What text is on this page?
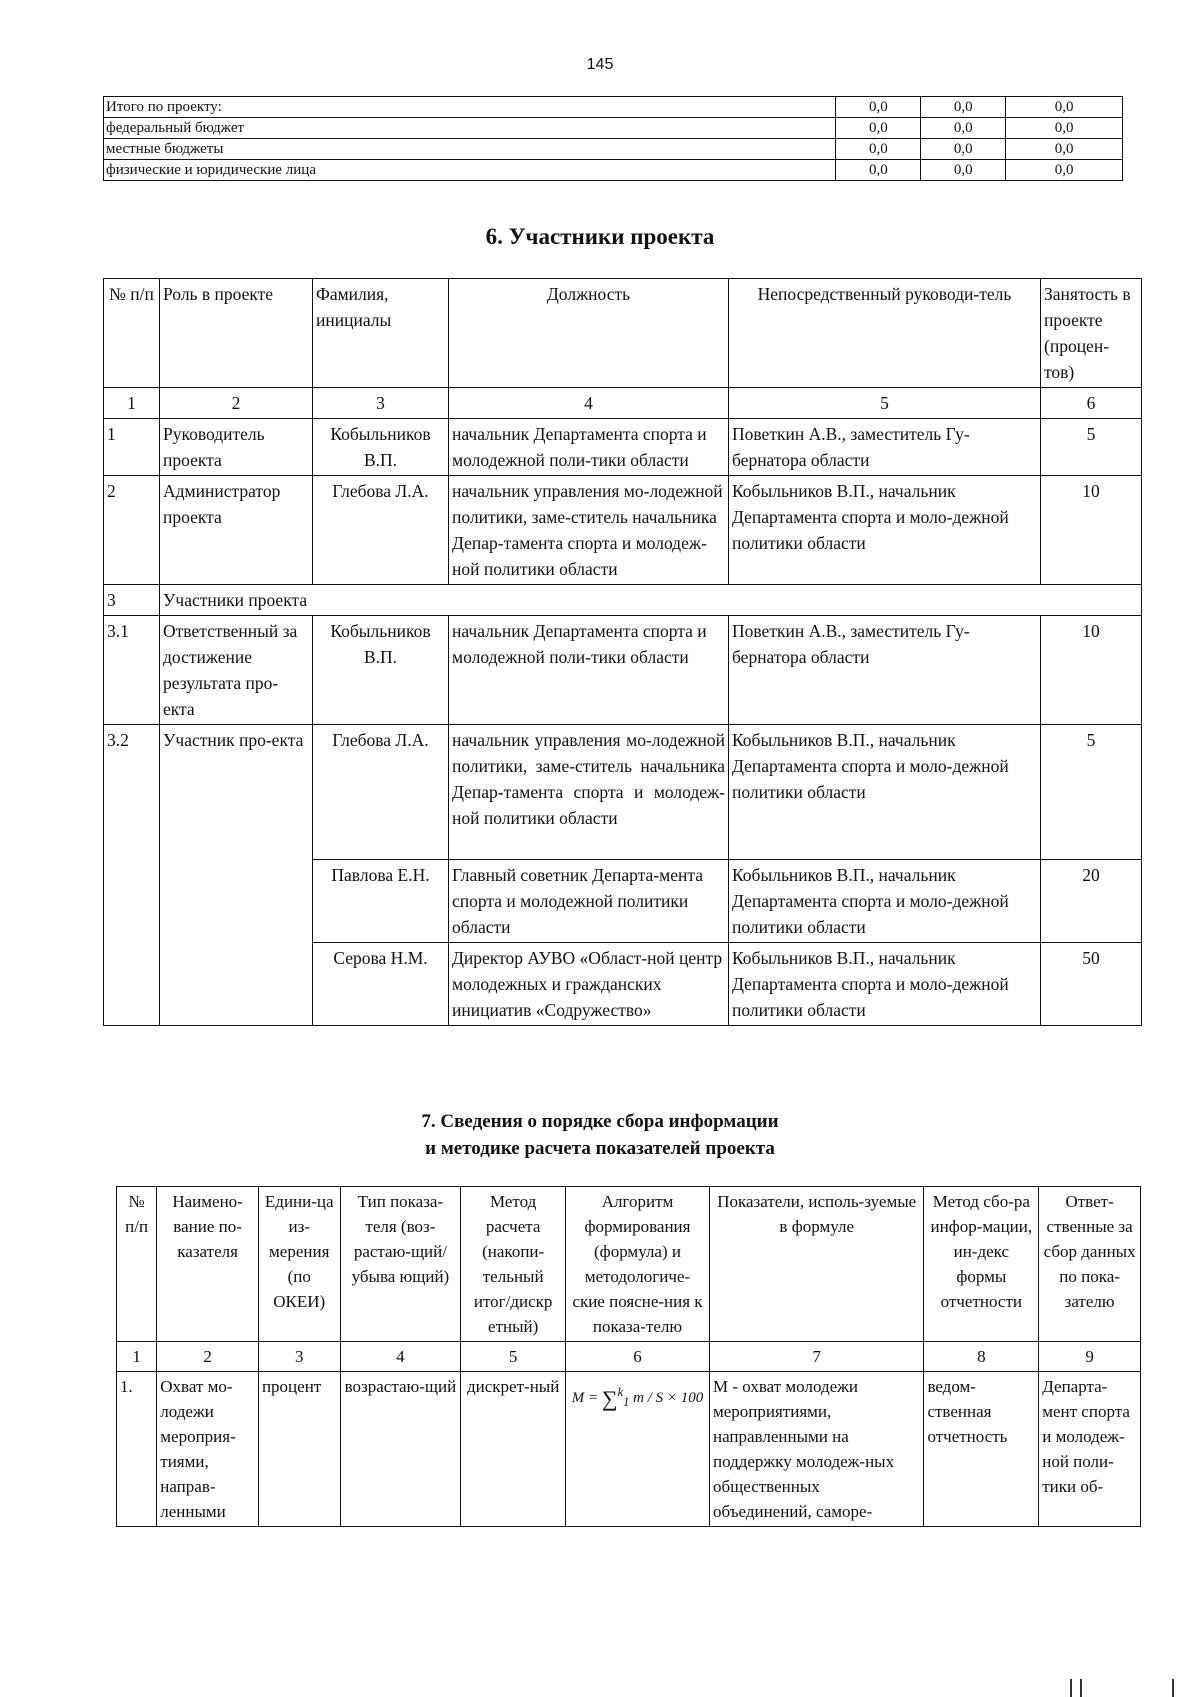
145
Итого по проекту:	0,0	0,0	0,0
федеральный бюджет	0,0	0,0	0,0
местные бюджеты	0,0	0,0	0,0
физические и юридические лица	0,0	0,0	0,0
6. Участники проекта
№ п/п	Роль в проекте	Фамилия, инициалы	Должность	Непосредственный руководи-тель	Занятость в проекте (процен-тов)
1	2	3	4	5	6
1	Руководитель проекта	Кобыльников В.П.	начальник Департамента спорта и молодежной поли-тики области	Поветкин А.В., заместитель Гу-бернатора области	5
2	Администратор проекта	Глебова Л.А.	начальник управления мо-лодежной политики, заме-ститель начальника Депар-тамента спорта и молодеж-ной политики области	Кобыльников В.П., начальник Департамента спорта и моло-дежной политики области	10
3	Участники проекта				
3.1	Ответственный за достижение результата про-екта	Кобыльников В.П.	начальник Департамента спорта и молодежной поли-тики области	Поветкин А.В., заместитель Гу-бернатора области	10
3.2	Участник про-екта	Глебова Л.А.	начальник управления мо-лодежной политики, заме-ститель начальника Депар-тамента спорта и молодеж-ной политики области	Кобыльников В.П., начальник Департамента спорта и моло-дежной политики области	5
		Павлова Е.Н.	Главный советник Департа-мента спорта и молодежной политики области	Кобыльников В.П., начальник Департамента спорта и моло-дежной политики области	20
		Серова Н.М.	Директор АУВО «Област-ной центр молодежных и гражданских инициатив «Содружество»	Кобыльников В.П., начальник Департамента спорта и моло-дежной политики области	50
7. Сведения о порядке сбора информации
и методике расчета показателей проекта
№ п/п	Наимено-вание по-казателя	Едини-ца из-мерения (по ОКЕИ)	Тип показа-теля (воз-растаю-щий/убыва ющий)	Метод расчета (накопи-тельный итог/дискр етный)	Алгоритм формирования (формула) и методологиче-ские поясне-ния к показа-телю	Показатели, исполь-зуемые в формуле	Метод сбо-ра инфор-мации, ин-декс формы отчетности	Ответ-ственные за сбор данных по пока-зателю
1	2	3	4	5	6	7	8	9
1.	Охват мо-лодежи мероприя-тиями, направ-ленными	процент	возрастаю-щий	дискрет-ный	M = ∑$^k_1$ m / S × 100	M - охват молодежи мероприятиями, направленными на поддержку молодеж-ных общественных объединений, саморе-	ведом-ственная отчетность	Департа-мент спорта и молодеж-ной поли-тики об-
